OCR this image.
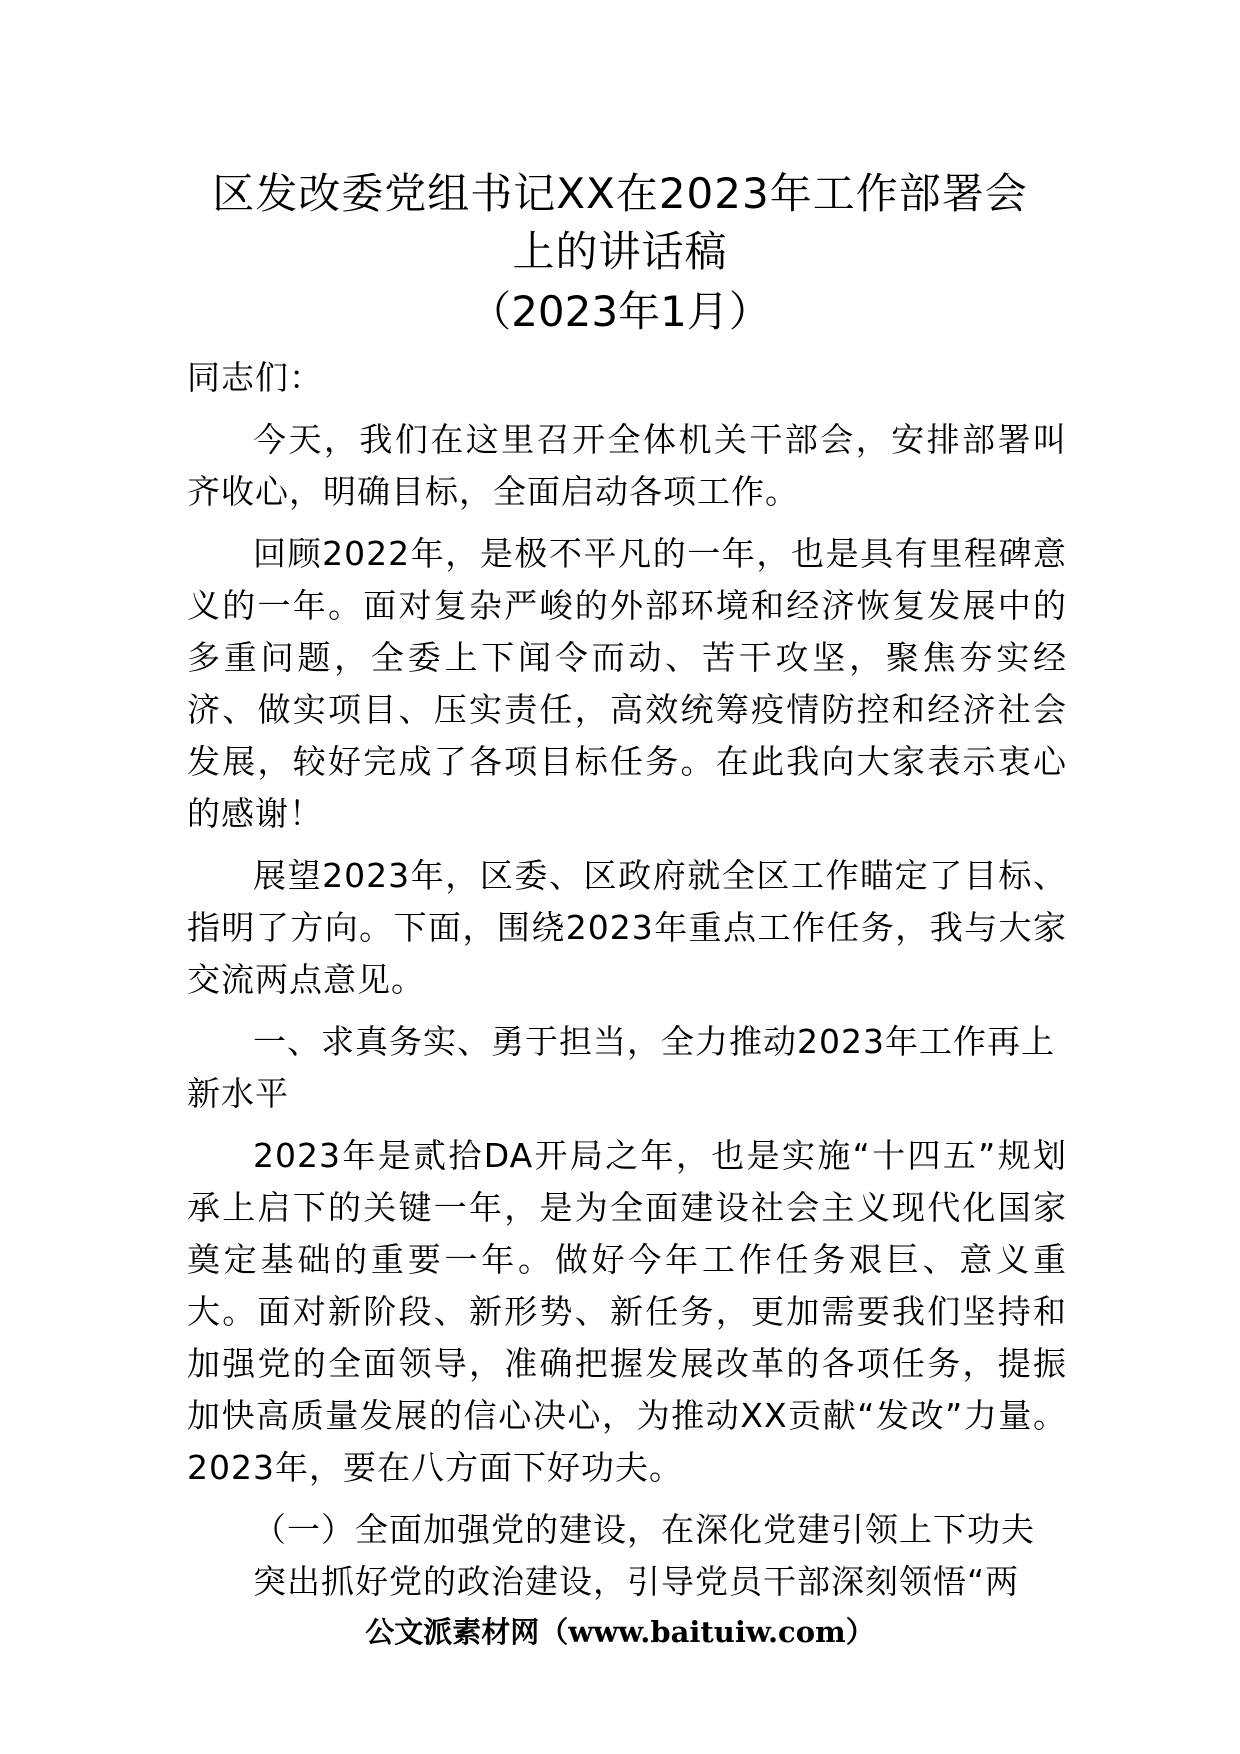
区发改委党组书记XX在2023年工作部署会
上的讲话稿
（2023年1月）

同志们：

今天，我们在这里召开全体机关干部会，安排部署叫齐收心，明确目标，全面启动各项工作。

回顾2022年，是极不平凡的一年，也是具有里程碑意义的一年。面对复杂严峻的外部环境和经济恢复发展中的多重问题，全委上下闻令而动、苦干攻坚，聚焦夯实经济、做实项目、压实责任，高效统筹疫情防控和经济社会发展，较好完成了各项目标任务。在此我向大家表示衷心的感谢！

展望2023年，区委、区政府就全区工作瞄定了目标、指明了方向。下面，围绕2023年重点工作任务，我与大家交流两点意见。

一、求真务实、勇于担当，全力推动2023年工作再上新水平

2023年是贰拾DA开局之年，也是实施“十四五”规划承上启下的关键一年，是为全面建设社会主义现代化国家奠定基础的重要一年。做好今年工作任务艰巨、意义重大。面对新阶段、新形势、新任务，更加需要我们坚持和加强党的全面领导，准确把握发展改革的各项任务，提振加快高质量发展的信心决心，为推动XX贡献“发改”力量。2023年，要在八方面下好功夫。

（一）全面加强党的建设，在深化党建引领上下功夫

突出抓好党的政治建设，引导党员干部深刻领悟“两

公文派素材网（www.baituiw.com）
